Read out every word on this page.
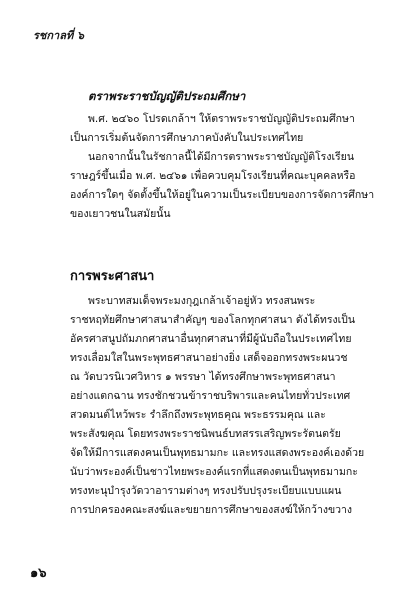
รชกาลที่ ๖
ตราพระราชบัญญัติประถมศึกษา

พ.ศ. ๒๔๖๐ โปรดเกล้าฯ ให้ตราพระราชบัญญัติประถมศึกษา
เป็นการเริ่มต้นจัดการศึกษาภาคบังคับในประเทศไทย

นอกจากนั้นในรัชกาลนี้ได้มีการตราพระราชบัญญัติโรงเรียน
ราษฎร์ขึ้นเมื่อ พ.ศ. ๒๔๖๑ เพื่อควบคุมโรงเรียนที่คณะบุคคลหรือ
องค์การใดๆ จัดตั้งขึ้นให้อยู่ในความเป็นระเบียบของการจัดการศึกษา
ของเยาวชนในสมัยนั้น

การพระศาสนา

พระบาทสมเด็จพระมงกุฎเกล้าเจ้าอยู่หัว ทรงสนพระ
ราชหฤทัยศึกษาศาสนาสำคัญๆ ของโลกทุกศาสนา ดังได้ทรงเป็น
อัครศาสนูปถัมภกศาสนาอื่นทุกศาสนาที่มีผู้นับถือในประเทศไทย
ทรงเลื่อมใสในพระพุทธศาสนาอย่างยิ่ง เสด็จออกทรงพระผนวช
ณ วัดบวรนิเวศวิหาร ๑ พรรษา ได้ทรงศึกษาพระพุทธศาสนา
อย่างแตกฉาน ทรงชักชวนข้าราชบริพารและคนไทยทั่วประเทศ
สวดมนต์ไหว้พระ รำลึกถึงพระพุทธคุณ พระธรรมคุณ และ
พระสังฆคุณ โดยทรงพระราชนิพนธ์บทสรรเสริญพระรัตนตรัย
จัดให้มีการแสดงคนเป็นพุทธมามกะ และทรงแสดงพระองค์เองด้วย
นับว่าพระองค์เป็นชาวไทยพระองค์แรกที่แสดงตนเป็นพุทธมามกะ
ทรงทะนุบำรุงวัดวาอารามต่างๆ ทรงปรับปรุงระเบียบแบบแผน
การปกครองคณะสงฆ์และขยายการศึกษาของสงฆ์ให้กว้างขวาง

๑๖
